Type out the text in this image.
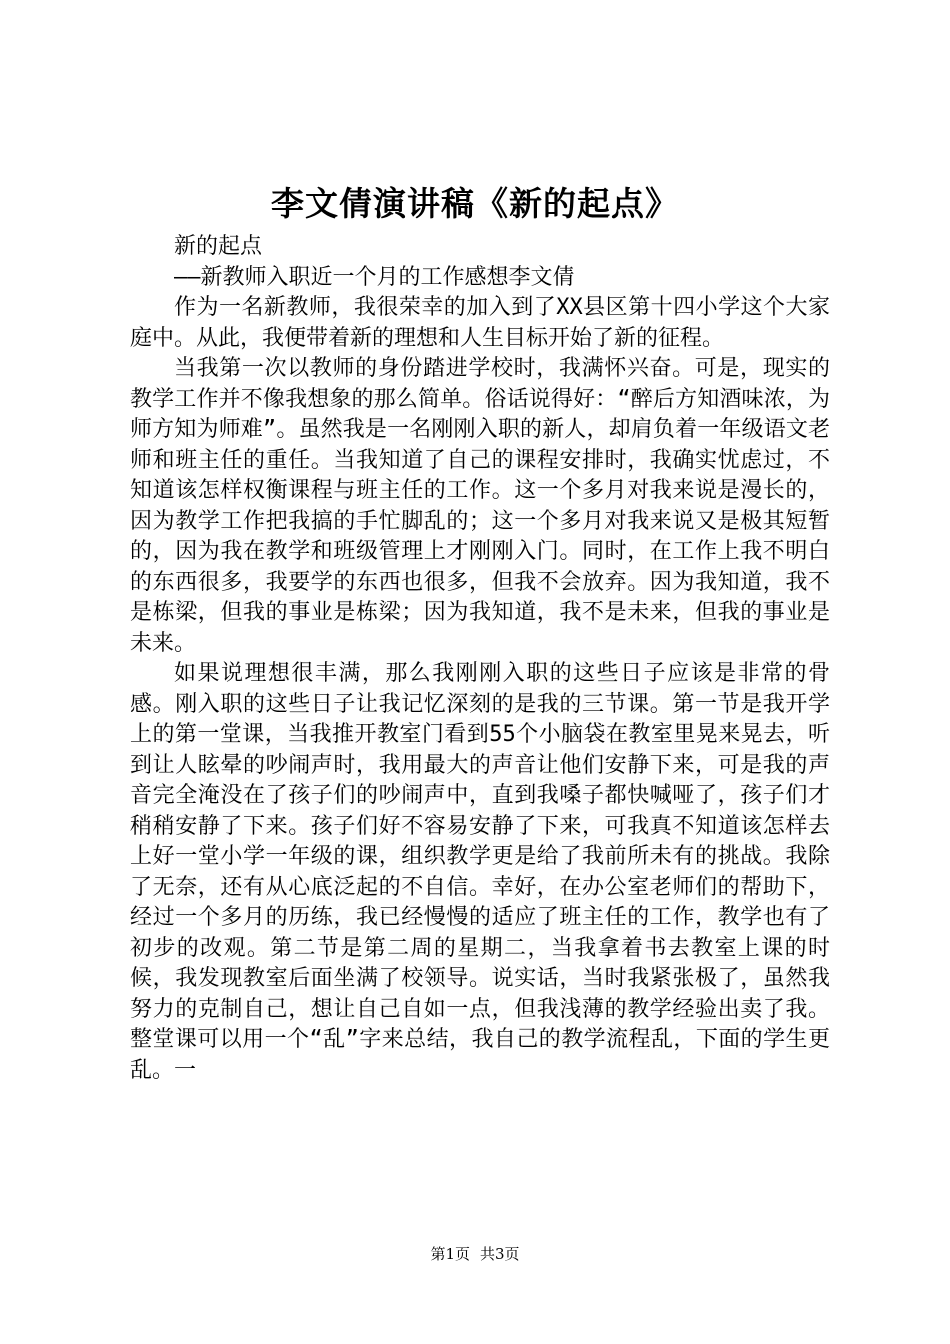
李文倩演讲稿《新的起点》

新的起点

——新教师入职近一个月的工作感想李文倩

作为一名新教师，我很荣幸的加入到了XX县区第十四小学这个大家庭中。从此，我便带着新的理想和人生目标开始了新的征程。

当我第一次以教师的身份踏进学校时，我满怀兴奋。可是，现实的教学工作并不像我想象的那么简单。俗话说得好：“醉后方知酒味浓，为师方知为师难”。虽然我是一名刚刚入职的新人，却肩负着一年级语文老师和班主任的重任。当我知道了自己的课程安排时，我确实忧虑过，不知道该怎样权衡课程与班主任的工作。这一个多月对我来说是漫长的，因为教学工作把我搞的手忙脚乱的；这一个多月对我来说又是极其短暂的，因为我在教学和班级管理上才刚刚入门。同时，在工作上我不明白的东西很多，我要学的东西也很多，但我不会放弃。因为我知道，我不是栋梁，但我的事业是栋梁；因为我知道，我不是未来，但我的事业是未来。

如果说理想很丰满，那么我刚刚入职的这些日子应该是非常的骨感。刚入职的这些日子让我记忆深刻的是我的三节课。第一节是我开学上的第一堂课，当我推开教室门看到55个小脑袋在教室里晃来晃去，听到让人眩晕的吵闹声时，我用最大的声音让他们安静下来，可是我的声音完全淹没在了孩子们的吵闹声中，直到我嗓子都快喊哑了，孩子们才稍稍安静了下来。孩子们好不容易安静了下来，可我真不知道该怎样去上好一堂小学一年级的课，组织教学更是给了我前所未有的挑战。我除了无奈，还有从心底泛起的不自信。幸好，在办公室老师们的帮助下，经过一个多月的历练，我已经慢慢的适应了班主任的工作，教学也有了初步的改观。第二节是第二周的星期二，当我拿着书去教室上课的时候，我发现教室后面坐满了校领导。说实话，当时我紧张极了，虽然我努力的克制自己，想让自己自如一点，但我浅薄的教学经验出卖了我。整堂课可以用一个“乱”字来总结，我自己的教学流程乱，下面的学生更乱。一

第1页 共3页
